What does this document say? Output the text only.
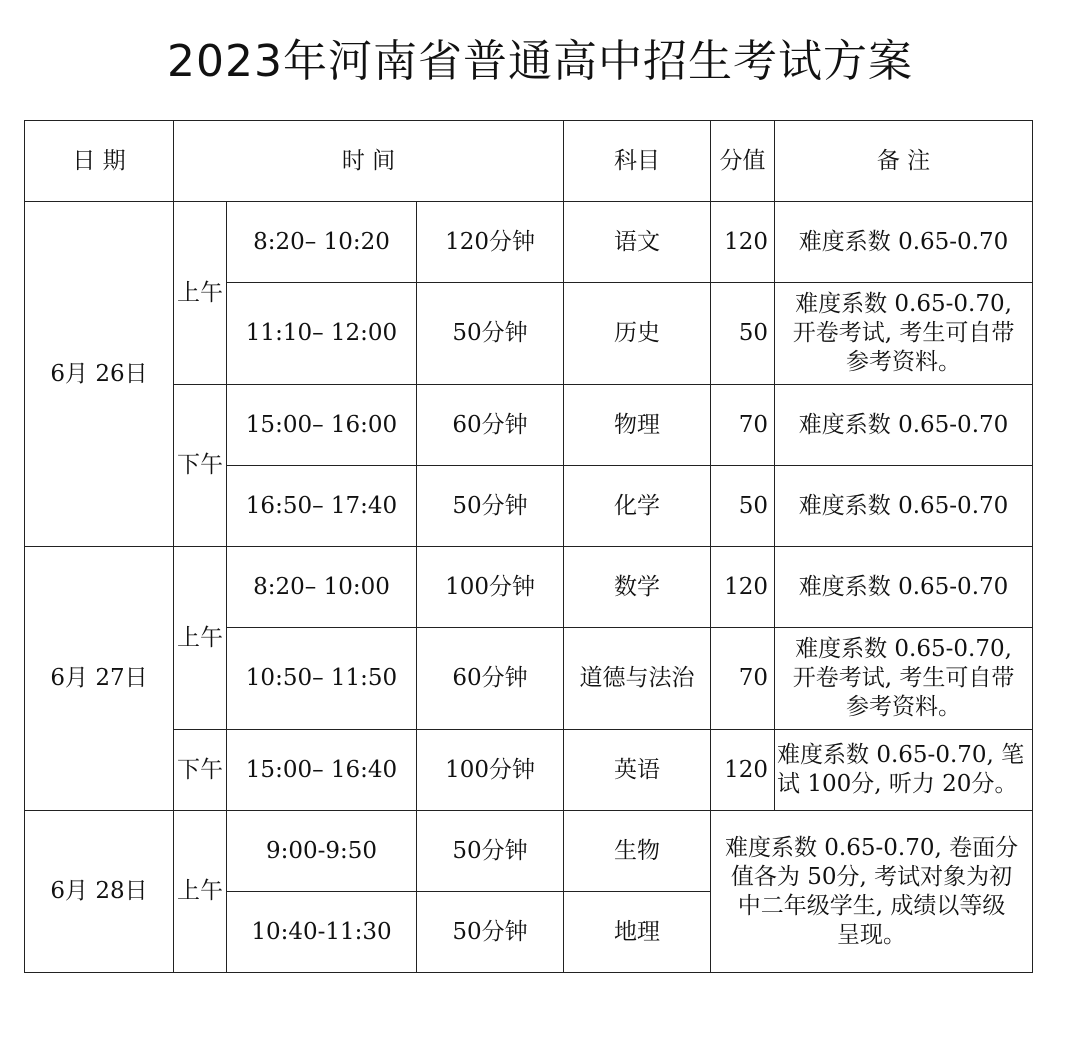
2023年河南省普通高中招生考试方案
日 期	时 间			科目	分值	备 注
6月 26日	上午	8:20– 10:20	120分钟	语文	120	难度系数 0.65-0.70

		11:10– 12:00	50分钟	历史	50	难度系数 0.65-0.70,
开卷考试, 考生可自带
参考资料。

	下午	15:00– 16:00	60分钟	物理	70	难度系数 0.65-0.70

		16:50– 17:40	50分钟	化学	50	难度系数 0.65-0.70

6月 27日	上午	8:20– 10:00	100分钟	数学	120	难度系数 0.65-0.70

		10:50– 11:50	60分钟	道德与法治	70	难度系数 0.65-0.70,
开卷考试, 考生可自带
参考资料。

	下午	15:00– 16:40	100分钟	英语	120	难度系数 0.65-0.70, 笔
试 100分, 听力 20分。

6月 28日	上午	9:00-9:50	50分钟	生物	难度系数 0.65-0.70, 卷面分
值各为 50分, 考试对象为初
中二年级学生, 成绩以等级
呈现。	

		10:40-11:30	50分钟	地理		
